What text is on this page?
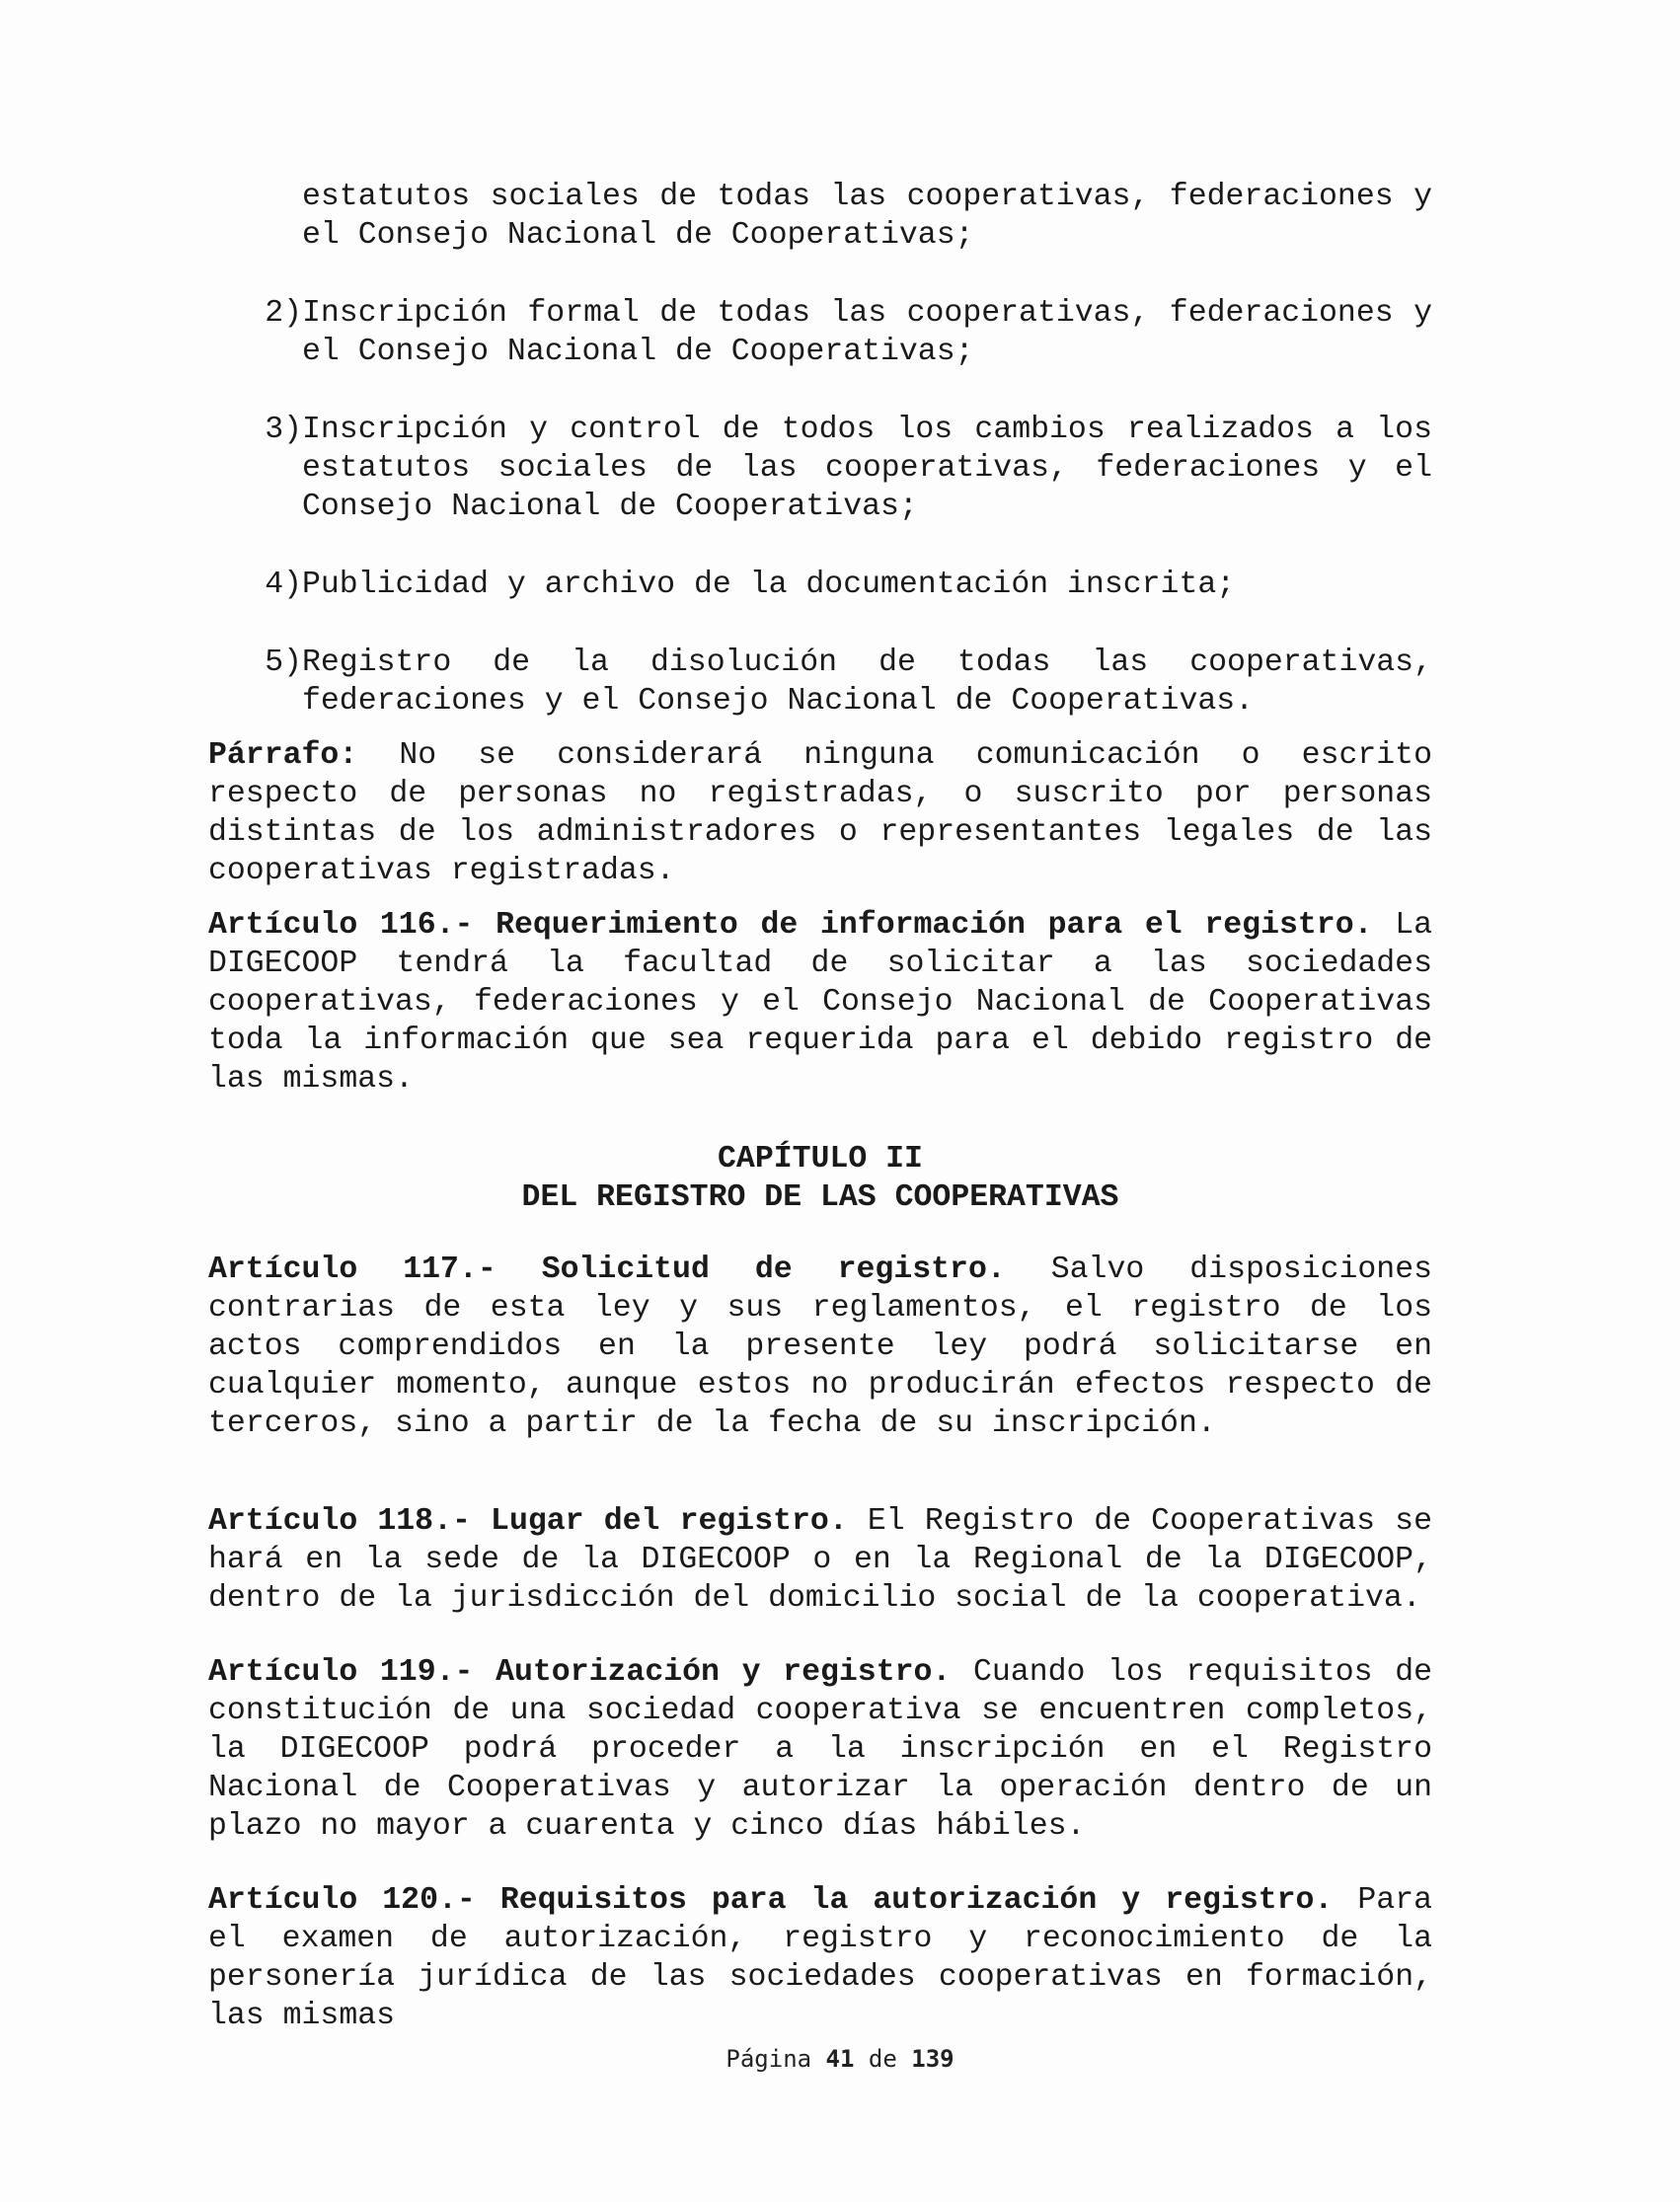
estatutos sociales de todas las cooperativas, federaciones y el Consejo Nacional de Cooperativas;
2) Inscripción formal de todas las cooperativas, federaciones y el Consejo Nacional de Cooperativas;
3) Inscripción y control de todos los cambios realizados a los estatutos sociales de las cooperativas, federaciones y el Consejo Nacional de Cooperativas;
4) Publicidad y archivo de la documentación inscrita;
5) Registro de la disolución de todas las cooperativas, federaciones y el Consejo Nacional de Cooperativas.

Párrafo: No se considerará ninguna comunicación o escrito respecto de personas no registradas, o suscrito por personas distintas de los administradores o representantes legales de las cooperativas registradas.

Artículo 116.- Requerimiento de información para el registro. La DIGECOOP tendrá la facultad de solicitar a las sociedades cooperativas, federaciones y el Consejo Nacional de Cooperativas toda la información que sea requerida para el debido registro de las mismas.

CAPÍTULO II
DEL REGISTRO DE LAS COOPERATIVAS

Artículo 117.- Solicitud de registro. Salvo disposiciones contrarias de esta ley y sus reglamentos, el registro de los actos comprendidos en la presente ley podrá solicitarse en cualquier momento, aunque estos no producirán efectos respecto de terceros, sino a partir de la fecha de su inscripción.

Artículo 118.- Lugar del registro. El Registro de Cooperativas se hará en la sede de la DIGECOOP o en la Regional de la DIGECOOP, dentro de la jurisdicción del domicilio social de la cooperativa.

Artículo 119.- Autorización y registro. Cuando los requisitos de constitución de una sociedad cooperativa se encuentren completos, la DIGECOOP podrá proceder a la inscripción en el Registro Nacional de Cooperativas y autorizar la operación dentro de un plazo no mayor a cuarenta y cinco días hábiles.

Artículo 120.- Requisitos para la autorización y registro. Para el examen de autorización, registro y reconocimiento de la personería jurídica de las sociedades cooperativas en formación, las mismas

Página 41 de 139
